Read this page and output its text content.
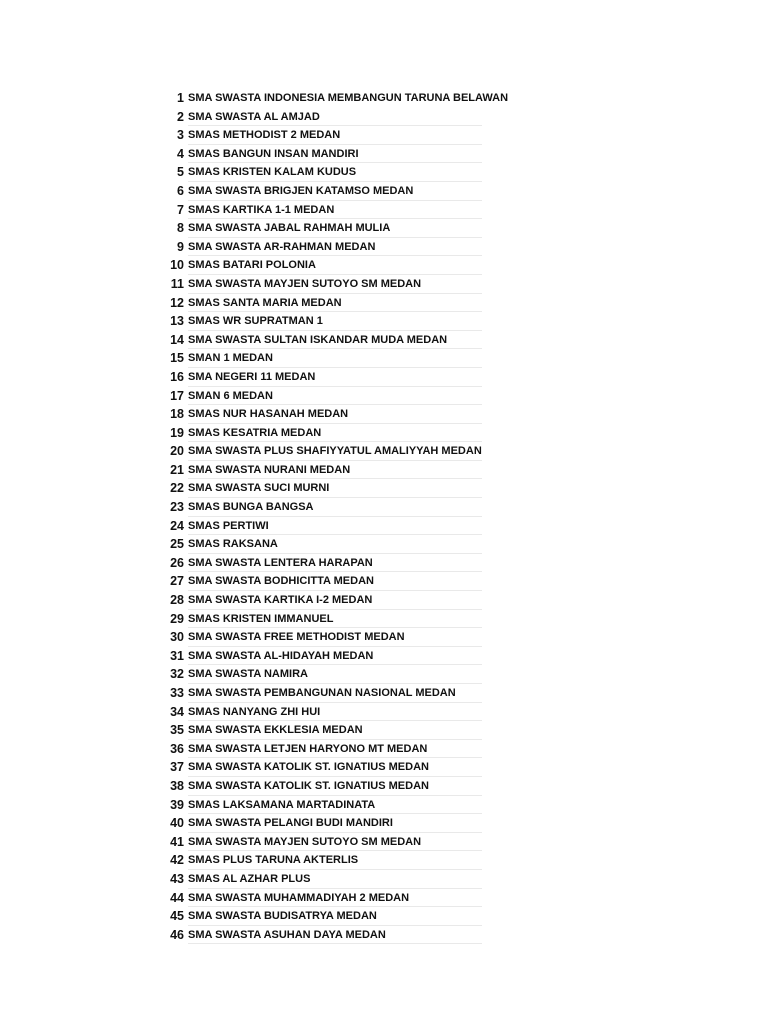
1 SMA SWASTA INDONESIA MEMBANGUN TARUNA BELAWAN
2 SMA SWASTA AL AMJAD
3 SMAS METHODIST 2 MEDAN
4 SMAS BANGUN INSAN MANDIRI
5 SMAS KRISTEN KALAM KUDUS
6 SMA SWASTA BRIGJEN KATAMSO MEDAN
7 SMAS KARTIKA 1-1 MEDAN
8 SMA SWASTA JABAL RAHMAH MULIA
9 SMA SWASTA AR-RAHMAN MEDAN
10 SMAS BATARI POLONIA
11 SMA SWASTA MAYJEN SUTOYO SM MEDAN
12 SMAS SANTA MARIA MEDAN
13 SMAS WR SUPRATMAN 1
14 SMA SWASTA SULTAN ISKANDAR MUDA MEDAN
15 SMAN 1 MEDAN
16 SMA NEGERI 11 MEDAN
17 SMAN 6 MEDAN
18 SMAS NUR HASANAH MEDAN
19 SMAS KESATRIA MEDAN
20 SMA SWASTA PLUS SHAFIYYATUL AMALIYYAH MEDAN
21 SMA SWASTA NURANI MEDAN
22 SMA SWASTA SUCI MURNI
23 SMAS BUNGA BANGSA
24 SMAS PERTIWI
25 SMAS RAKSANA
26 SMA SWASTA LENTERA HARAPAN
27 SMA SWASTA BODHICITTA MEDAN
28 SMA SWASTA KARTIKA I-2 MEDAN
29 SMAS KRISTEN IMMANUEL
30 SMA SWASTA FREE METHODIST MEDAN
31 SMA SWASTA AL-HIDAYAH MEDAN
32 SMA SWASTA NAMIRA
33 SMA SWASTA PEMBANGUNAN NASIONAL MEDAN
34 SMAS NANYANG ZHI HUI
35 SMA SWASTA EKKLESIA MEDAN
36 SMA SWASTA LETJEN HARYONO MT MEDAN
37 SMA SWASTA KATOLIK ST. IGNATIUS MEDAN
38 SMA SWASTA KATOLIK ST. IGNATIUS MEDAN
39 SMAS LAKSAMANA MARTADINATA
40 SMA SWASTA PELANGI BUDI MANDIRI
41 SMA SWASTA MAYJEN SUTOYO SM MEDAN
42 SMAS PLUS TARUNA AKTERLIS
43 SMAS AL AZHAR PLUS
44 SMA SWASTA MUHAMMADIYAH 2 MEDAN
45 SMA SWASTA BUDISATRYA MEDAN
46 SMA SWASTA ASUHAN DAYA MEDAN
